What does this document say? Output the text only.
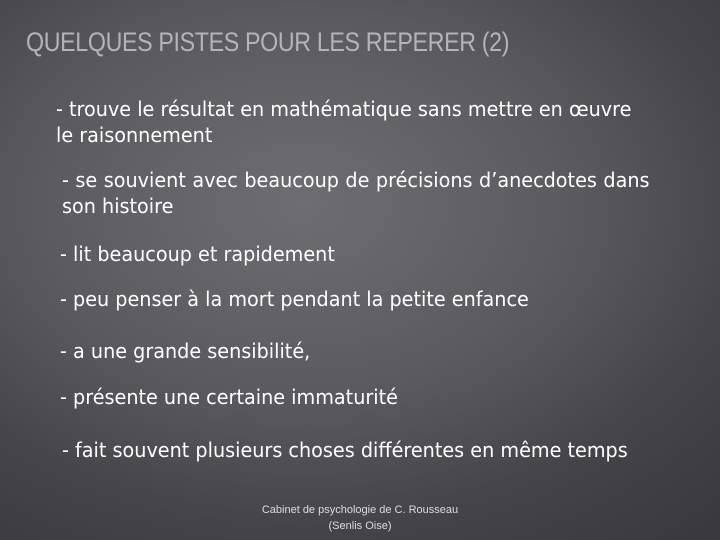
QUELQUES PISTES POUR LES REPERER (2)

- trouve le résultat en mathématique sans mettre en œuvre le raisonnement

- se souvient avec beaucoup de précisions d’anecdotes dans son histoire

- lit beaucoup et rapidement

- peu penser à la mort pendant la petite enfance

- a une grande sensibilité,

- présente une certaine immaturité

- fait souvent plusieurs choses différentes en même temps

Cabinet de psychologie de C. Rousseau
(Senlis Oise)
